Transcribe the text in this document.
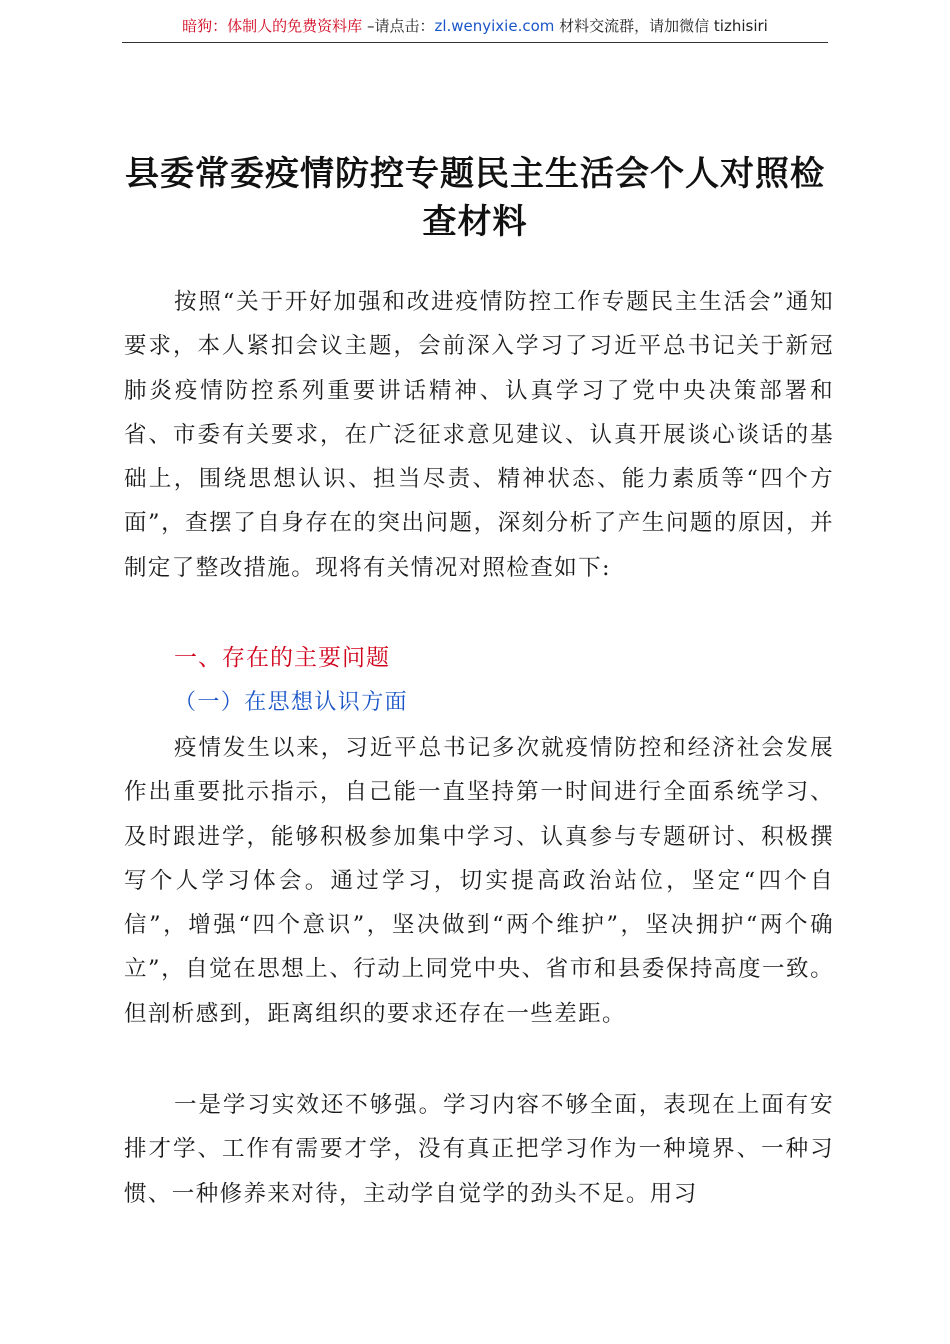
暗狗：体制人的免费资料库 –请点击：zl.wenyixie.com 材料交流群，请加微信 tizhisiri
县委常委疫情防控专题民主生活会个人对照检查材料

按照“关于开好加强和改进疫情防控工作专题民主生活会”通知要求，本人紧扣会议主题，会前深入学习了习近平总书记关于新冠肺炎疫情防控系列重要讲话精神、认真学习了党中央决策部署和省、市委有关要求，在广泛征求意见建议、认真开展谈心谈话的基础上，围绕思想认识、担当尽责、精神状态、能力素质等“四个方面”，查摆了自身存在的突出问题，深刻分析了产生问题的原因，并制定了整改措施。现将有关情况对照检查如下:

一、存在的主要问题
（一）在思想认识方面

疫情发生以来，习近平总书记多次就疫情防控和经济社会发展作出重要批示指示，自己能一直坚持第一时间进行全面系统学习、及时跟进学，能够积极参加集中学习、认真参与专题研讨、积极撰写个人学习体会。通过学习，切实提高政治站位，坚定“四个自信”，增强“四个意识”，坚决做到“两个维护”，坚决拥护“两个确立”，自觉在思想上、行动上同党中央、省市和县委保持高度一致。但剖析感到，距离组织的要求还存在一些差距。

一是学习实效还不够强。学习内容不够全面，表现在上面有安排才学、工作有需要才学，没有真正把学习作为一种境界、一种习惯、一种修养来对待，主动学自觉学的劲头不足。用习
